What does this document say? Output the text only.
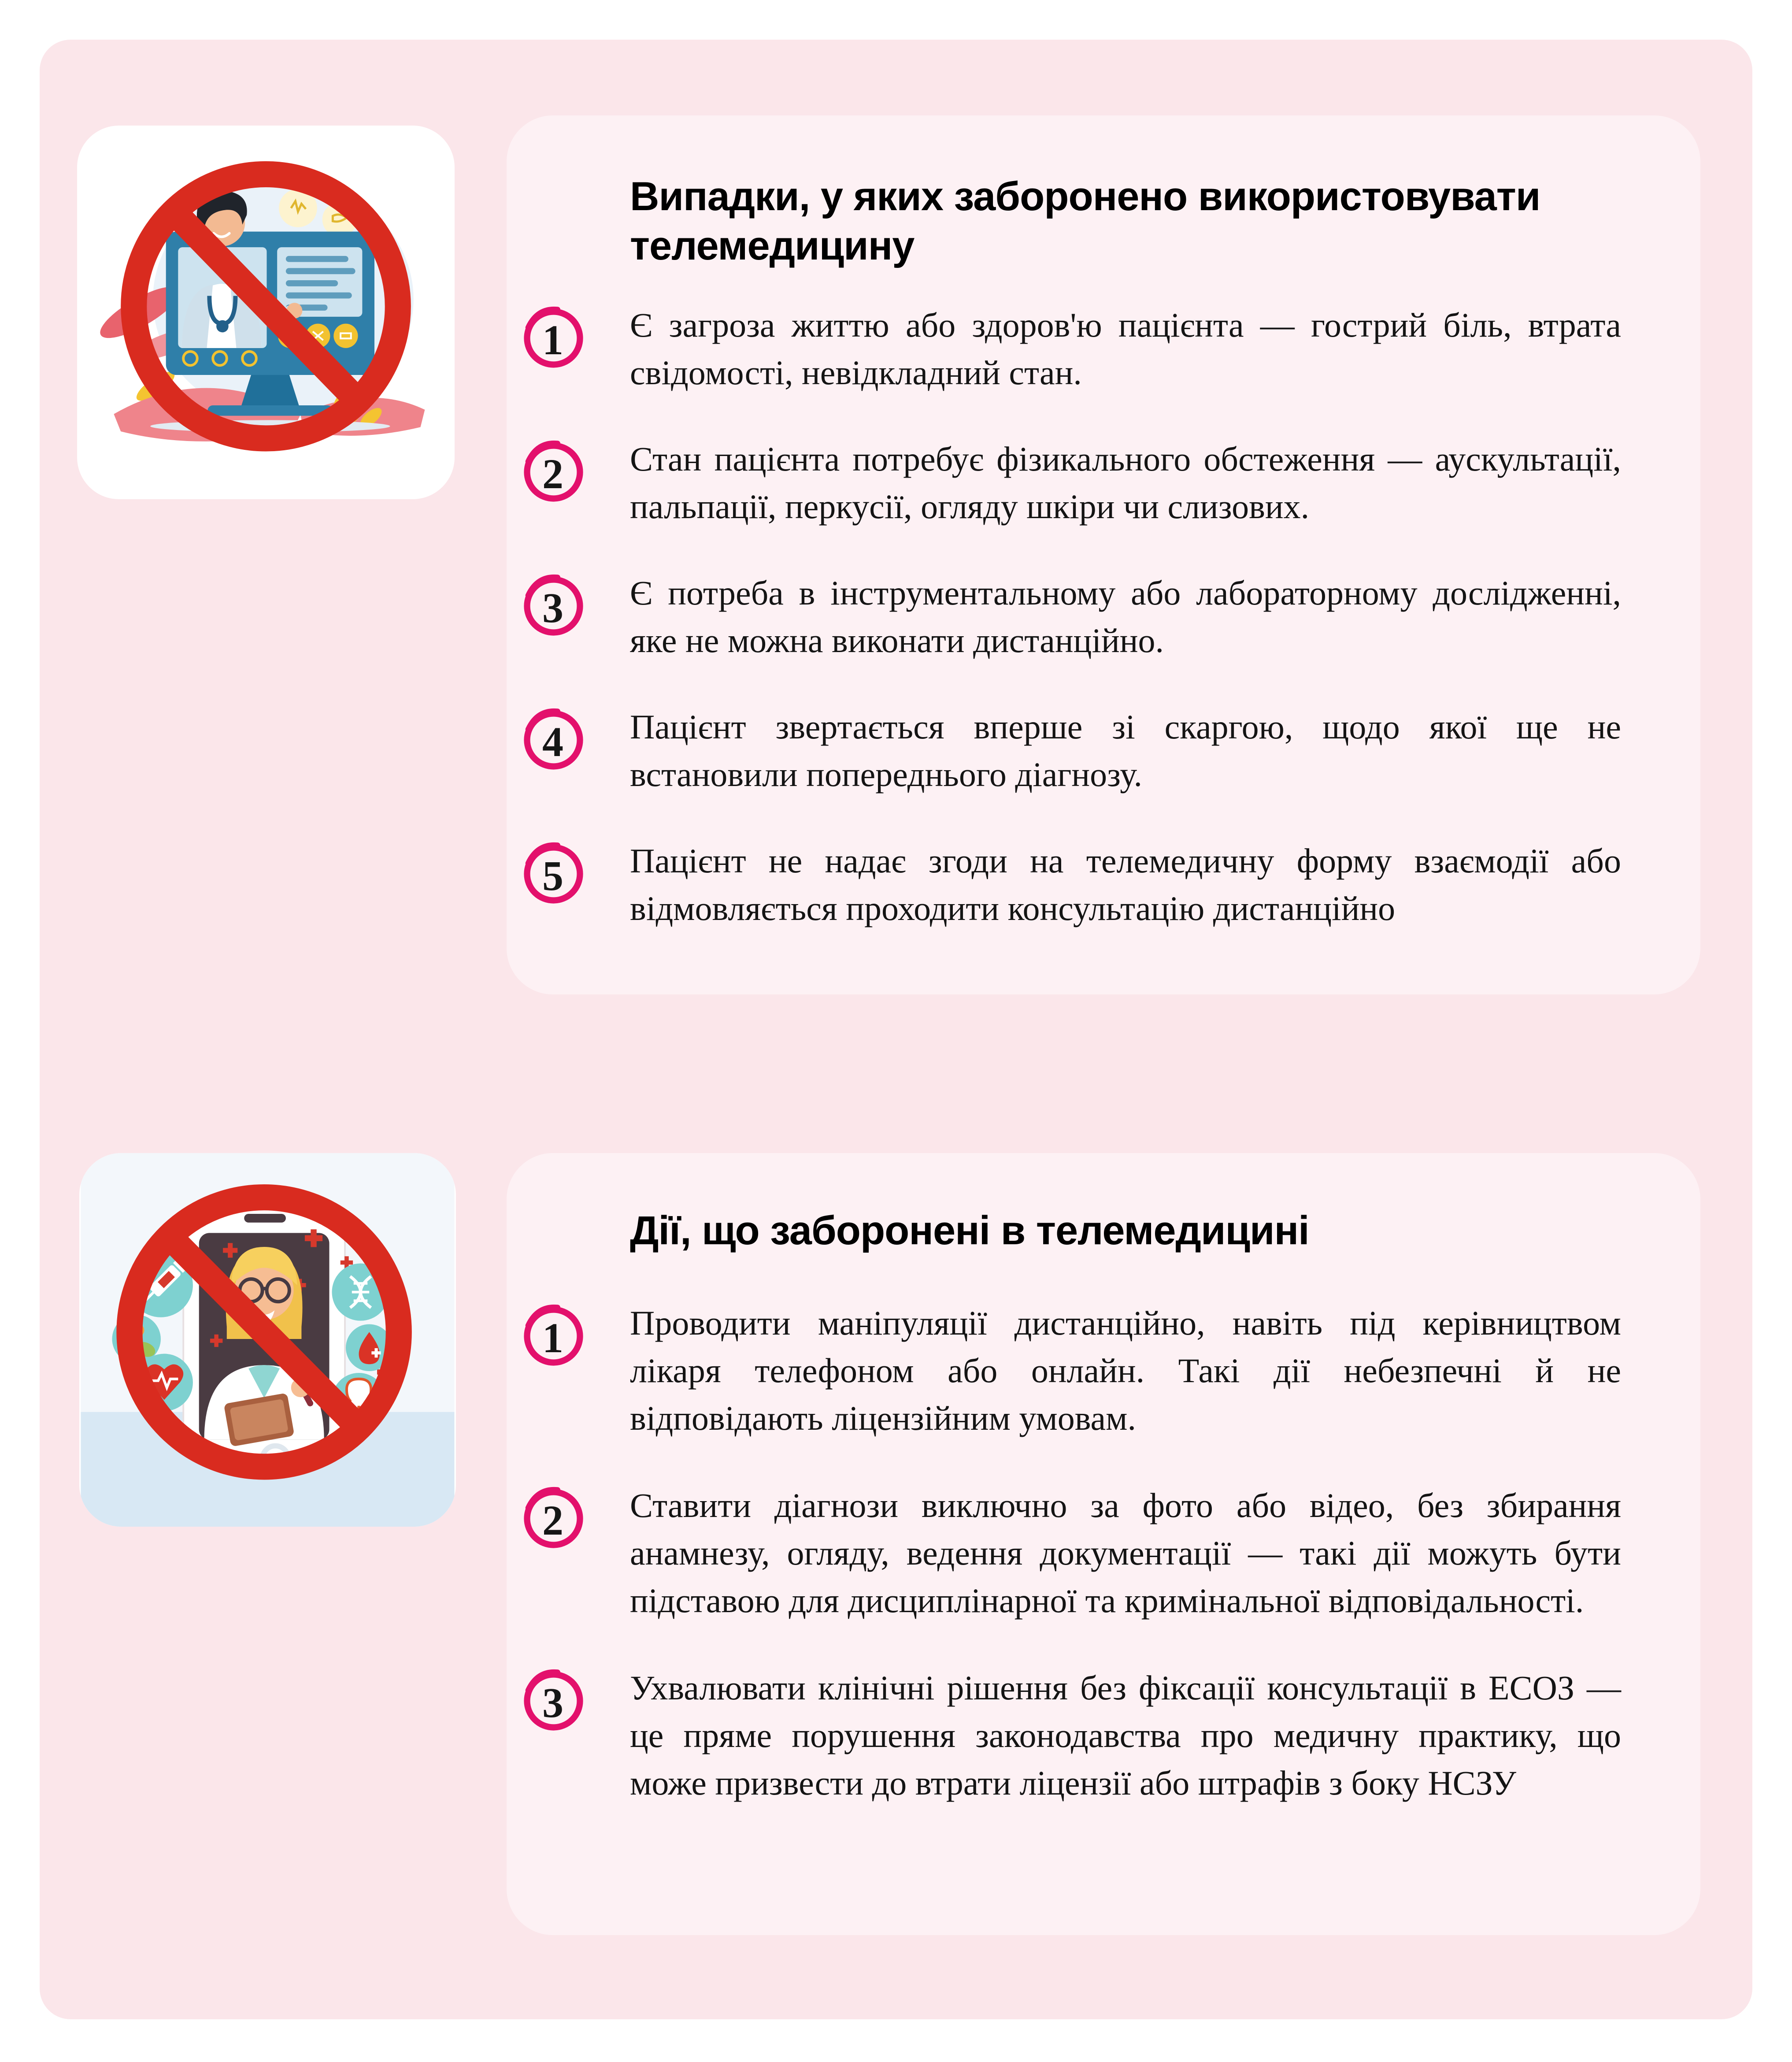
Випадки, у яких заборонено використовувати телемедицину
1	Є загроза життю або здоров'ю пацієнта — гострий біль, втрата свідомості, невідкладний стан.

2	Стан пацієнта потребує фізикального обстеження — аускультації, пальпації, перкусії, огляду шкіри чи слизових.

3	Є потреба в інструментальному або лабораторному дослідженні, яке не можна виконати дистанційно.

4	Пацієнт звертається вперше зі скаргою, щодо якої ще не встановили попереднього діагнозу.

5	Пацієнт не надає згоди на телемедичну форму взаємодії або відмовляється проходити консультацію дистанційно

Дії, що заборонені в телемедицині
1	Проводити маніпуляції дистанційно, навіть під керівництвом лікаря телефоном або онлайн. Такі дії небезпечні й не відповідають ліцензійним умовам.

2	Ставити діагнози виключно за фото або відео, без збирання анамнезу, огляду, ведення документації — такі дії можуть бути підставою для дисциплінарної та кримінальної відповідальності.

3	Ухвалювати клінічні рішення без фіксації консультації в ЕСОЗ — це пряме порушення законодавства про медичну практику, що може призвести до втрати ліцензії або штрафів з боку НСЗУ
